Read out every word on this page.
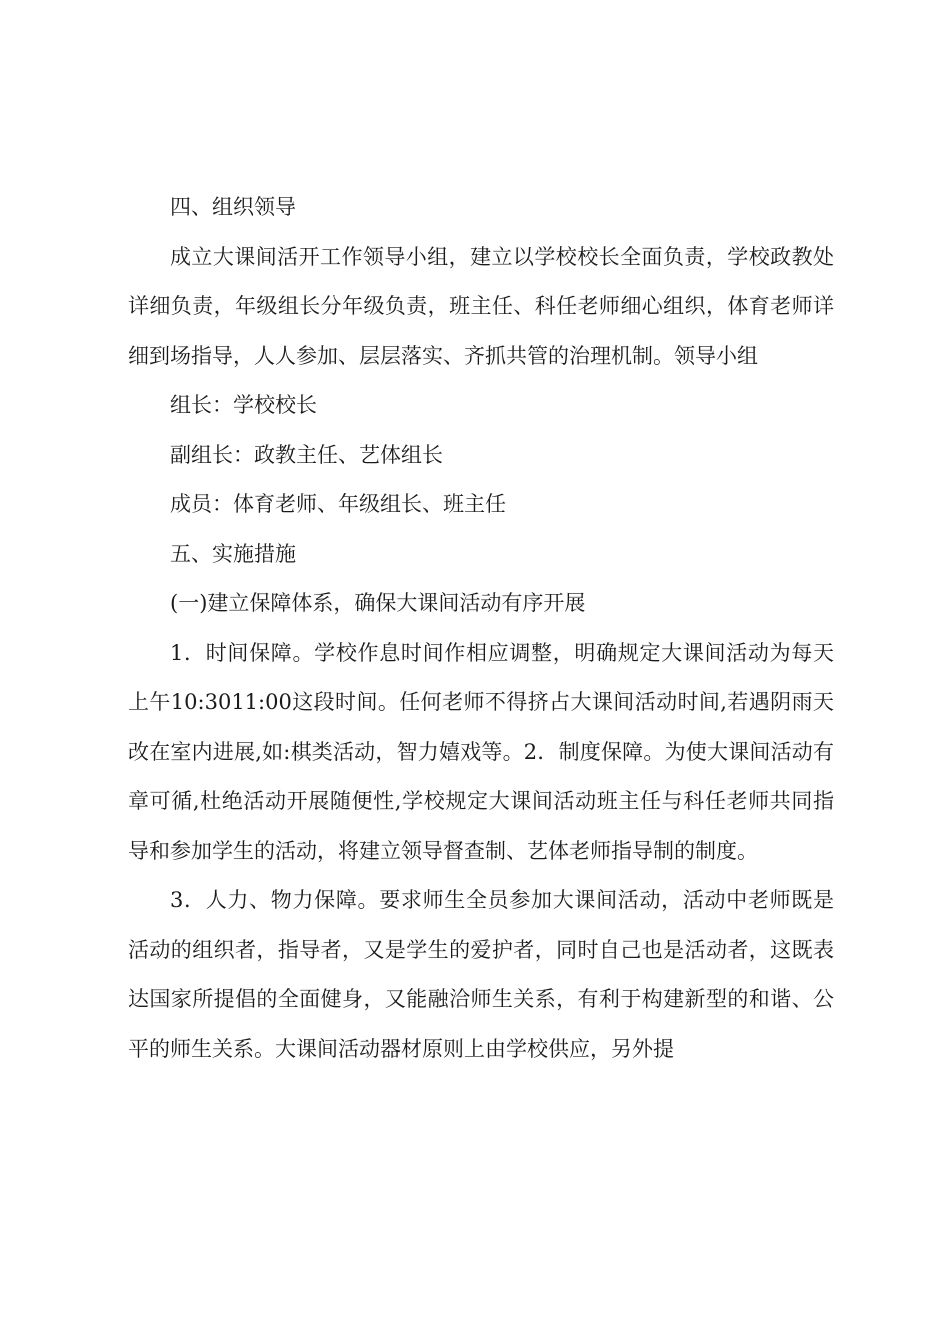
四、组织领导

成立大课间活开工作领导小组，建立以学校校长全面负责，学校政教处详细负责，年级组长分年级负责，班主任、科任老师细心组织，体育老师详细到场指导，人人参加、层层落实、齐抓共管的治理机制。领导小组

组长：学校校长

副组长：政教主任、艺体组长

成员：体育老师、年级组长、班主任

五、实施措施

(一)建立保障体系，确保大课间活动有序开展

1．时间保障。学校作息时间作相应调整，明确规定大课间活动为每天上午10:3011:00这段时间。任何老师不得挤占大课间活动时间,若遇阴雨天改在室内进展,如:棋类活动，智力嬉戏等。2．制度保障。为使大课间活动有章可循,杜绝活动开展随便性,学校规定大课间活动班主任与科任老师共同指导和参加学生的活动，将建立领导督查制、艺体老师指导制的制度。

3．人力、物力保障。要求师生全员参加大课间活动，活动中老师既是活动的组织者，指导者，又是学生的爱护者，同时自己也是活动者，这既表达国家所提倡的全面健身，又能融洽师生关系，有利于构建新型的和谐、公平的师生关系。大课间活动器材原则上由学校供应，另外提
